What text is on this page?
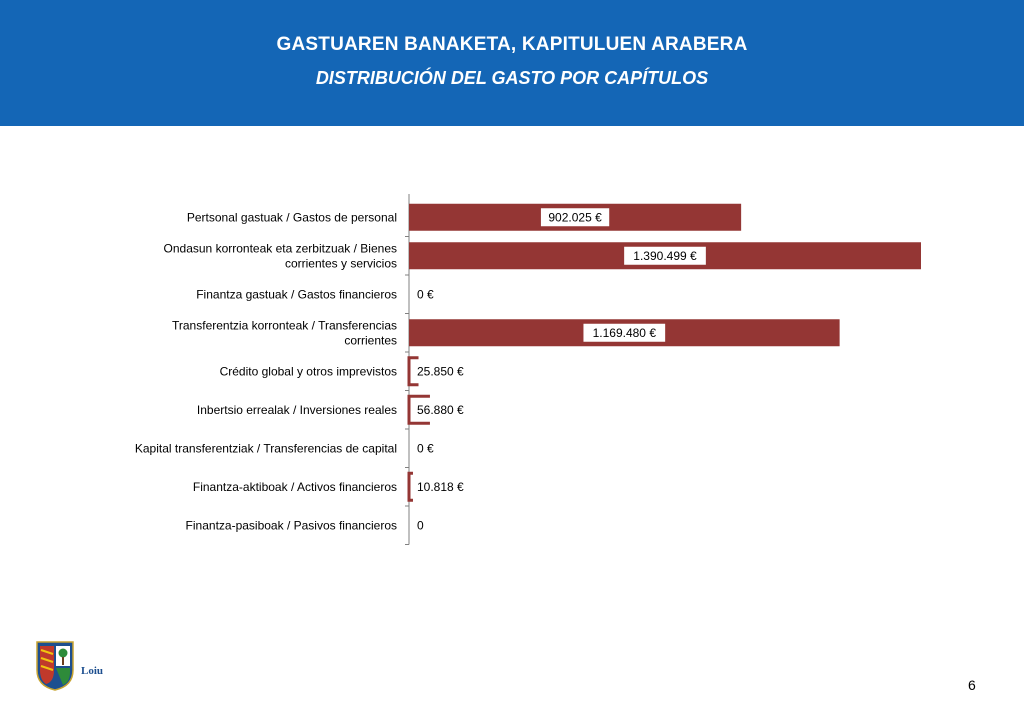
GASTUAREN BANAKETA, KAPITULUEN ARABERA
DISTRIBUCIÓN DEL GASTO POR CAPÍTULOS
Pertsonal gastuak / Gastos de personal	902.025 €
Ondasun korronteak eta zerbitzuak / Bienes corrientes y servicios
1.390.499 €
Finantza gastuak / Gastos financieros 0 €
Transferentzia korronteak / Transferencias corrientes
1.169.480 €
Crédito global y otros imprevistos 25.850 €
Inbertsio errealak / Inversiones reales 56.880 €
Kapital transferentziak / Transferencias de capital 0 €
Finantza-aktiboak / Activos financieros 10.818 €
Finantza-pasiboak / Pasivos financieros 0
Loiu
6
